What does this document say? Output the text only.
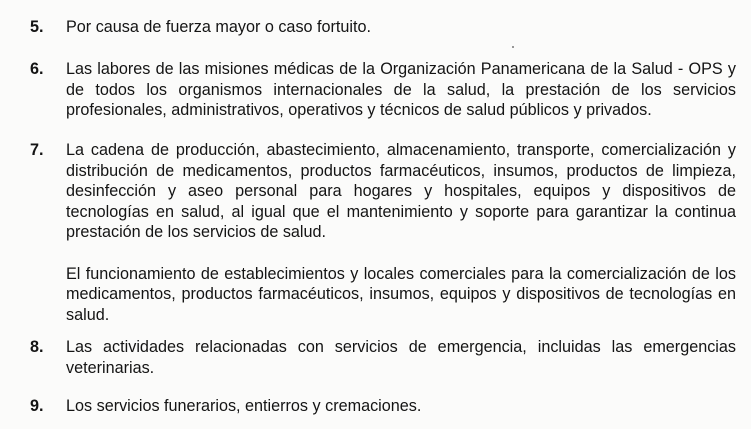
5.	Por causa de fuerza mayor o caso fortuito.

6.	Las labores de las misiones médicas de la Organización Panamericana de la Salud - OPS y de todos los organismos internacionales de la salud, la prestación de los servicios profesionales, administrativos, operativos y técnicos de salud públicos y privados.

7.	La cadena de producción, abastecimiento, almacenamiento, transporte, comercialización y distribución de medicamentos, productos farmacéuticos, insumos, productos de limpieza, desinfección y aseo personal para hogares y hospitales, equipos y dispositivos de tecnologías en salud, al igual que el mantenimiento y soporte para garantizar la continua prestación de los servicios de salud.

El funcionamiento de establecimientos y locales comerciales para la comercialización de los medicamentos, productos farmacéuticos, insumos, equipos y dispositivos de tecnologías en salud.

8.	Las actividades relacionadas con servicios de emergencia, incluidas las emergencias veterinarias.

9.	Los servicios funerarios, entierros y cremaciones.
